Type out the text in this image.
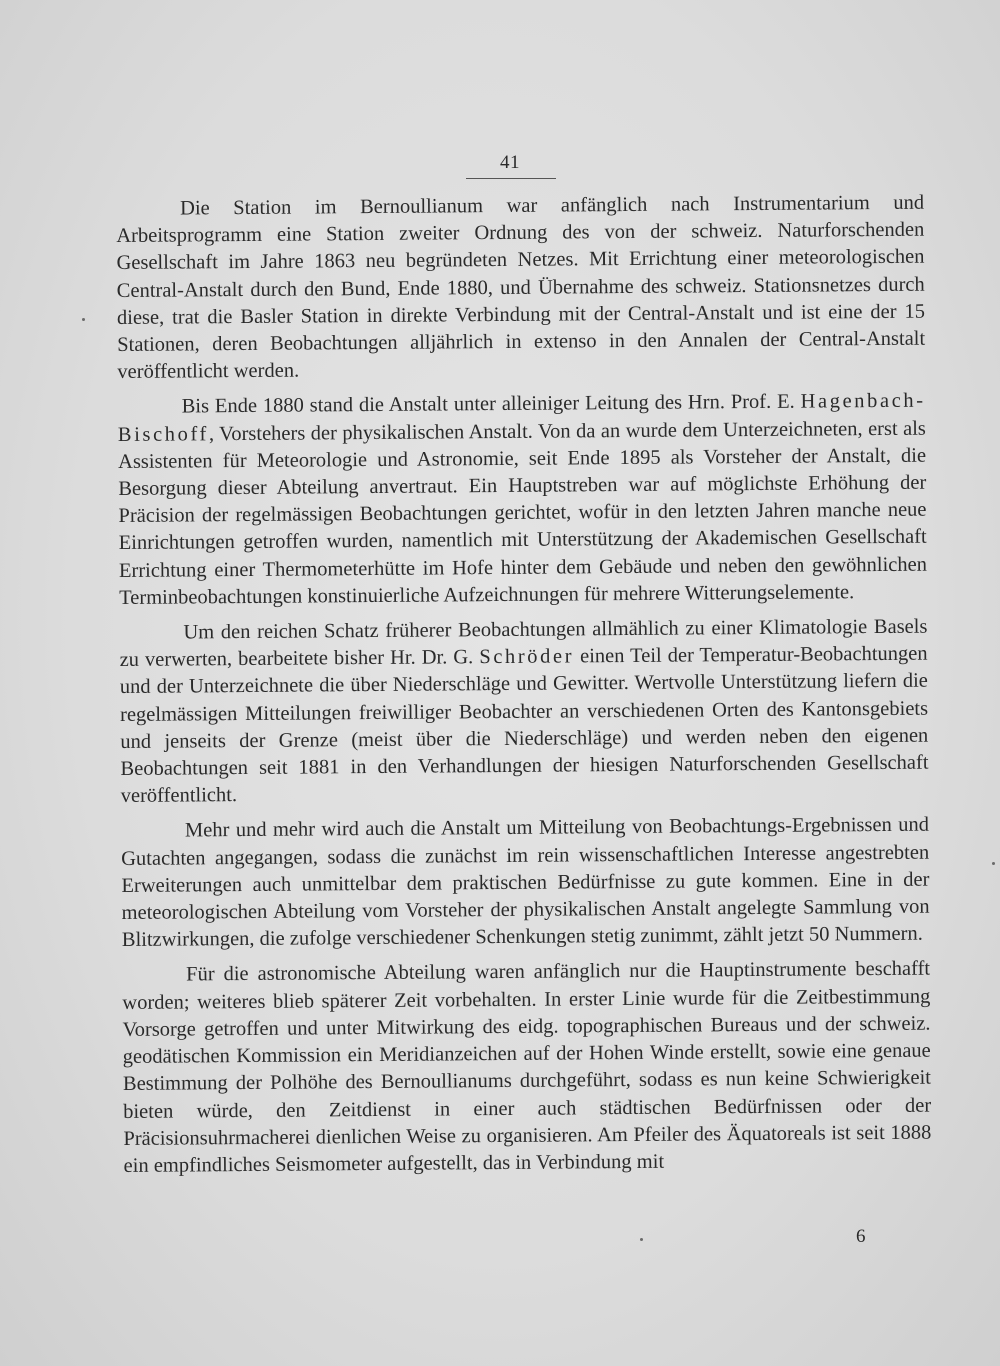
41

Die Station im Bernoullianum war anfänglich nach Instrumentarium und Arbeitsprogramm eine Station zweiter Ordnung des von der schweiz. Naturforschenden Gesellschaft im Jahre 1863 neu begründeten Netzes. Mit Errichtung einer meteorologischen Central-Anstalt durch den Bund, Ende 1880, und Übernahme des schweiz. Stationsnetzes durch diese, trat die Basler Station in direkte Verbindung mit der Central-Anstalt und ist eine der 15 Stationen, deren Beobachtungen alljährlich in extenso in den Annalen der Central-Anstalt veröffentlicht werden.

Bis Ende 1880 stand die Anstalt unter alleiniger Leitung des Hrn. Prof. E. Hagenbach-Bischoff, Vorstehers der physikalischen Anstalt. Von da an wurde dem Unterzeichneten, erst als Assistenten für Meteorologie und Astronomie, seit Ende 1895 als Vorsteher der Anstalt, die Besorgung dieser Abteilung anvertraut. Ein Hauptstreben war auf möglichste Erhöhung der Präcision der regelmässigen Beobachtungen gerichtet, wofür in den letzten Jahren manche neue Einrichtungen getroffen wurden, namentlich mit Unterstützung der Akademischen Gesellschaft Errichtung einer Thermometerhütte im Hofe hinter dem Gebäude und neben den gewöhnlichen Terminbeobachtungen konstinuierliche Aufzeichnungen für mehrere Witterungselemente.

Um den reichen Schatz früherer Beobachtungen allmählich zu einer Klimatologie Basels zu verwerten, bearbeitete bisher Hr. Dr. G. Schröder einen Teil der Temperatur-Beobachtungen und der Unterzeichnete die über Niederschläge und Gewitter. Wertvolle Unterstützung liefern die regelmässigen Mitteilungen freiwilliger Beobachter an verschiedenen Orten des Kantonsgebiets und jenseits der Grenze (meist über die Niederschläge) und werden neben den eigenen Beobachtungen seit 1881 in den Verhandlungen der hiesigen Naturforschenden Gesellschaft veröffentlicht.

Mehr und mehr wird auch die Anstalt um Mitteilung von Beobachtungs-Ergebnissen und Gutachten angegangen, sodass die zunächst im rein wissenschaftlichen Interesse angestrebten Erweiterungen auch unmittelbar dem praktischen Bedürfnisse zu gute kommen. Eine in der meteorologischen Abteilung vom Vorsteher der physikalischen Anstalt angelegte Sammlung von Blitzwirkungen, die zufolge verschiedener Schenkungen stetig zunimmt, zählt jetzt 50 Nummern.

Für die astronomische Abteilung waren anfänglich nur die Hauptinstrumente beschafft worden; weiteres blieb späterer Zeit vorbehalten. In erster Linie wurde für die Zeitbestimmung Vorsorge getroffen und unter Mitwirkung des eidg. topographischen Bureaus und der schweiz. geodätischen Kommission ein Meridianzeichen auf der Hohen Winde erstellt, sowie eine genaue Bestimmung der Polhöhe des Bernoullianums durchgeführt, sodass es nun keine Schwierigkeit bieten würde, den Zeitdienst in einer auch städtischen Bedürfnissen oder der Präcisionsuhrmacherei dienlichen Weise zu organisieren. Am Pfeiler des Äquatoreals ist seit 1888 ein empfindliches Seismometer aufgestellt, das in Verbindung mit

6
